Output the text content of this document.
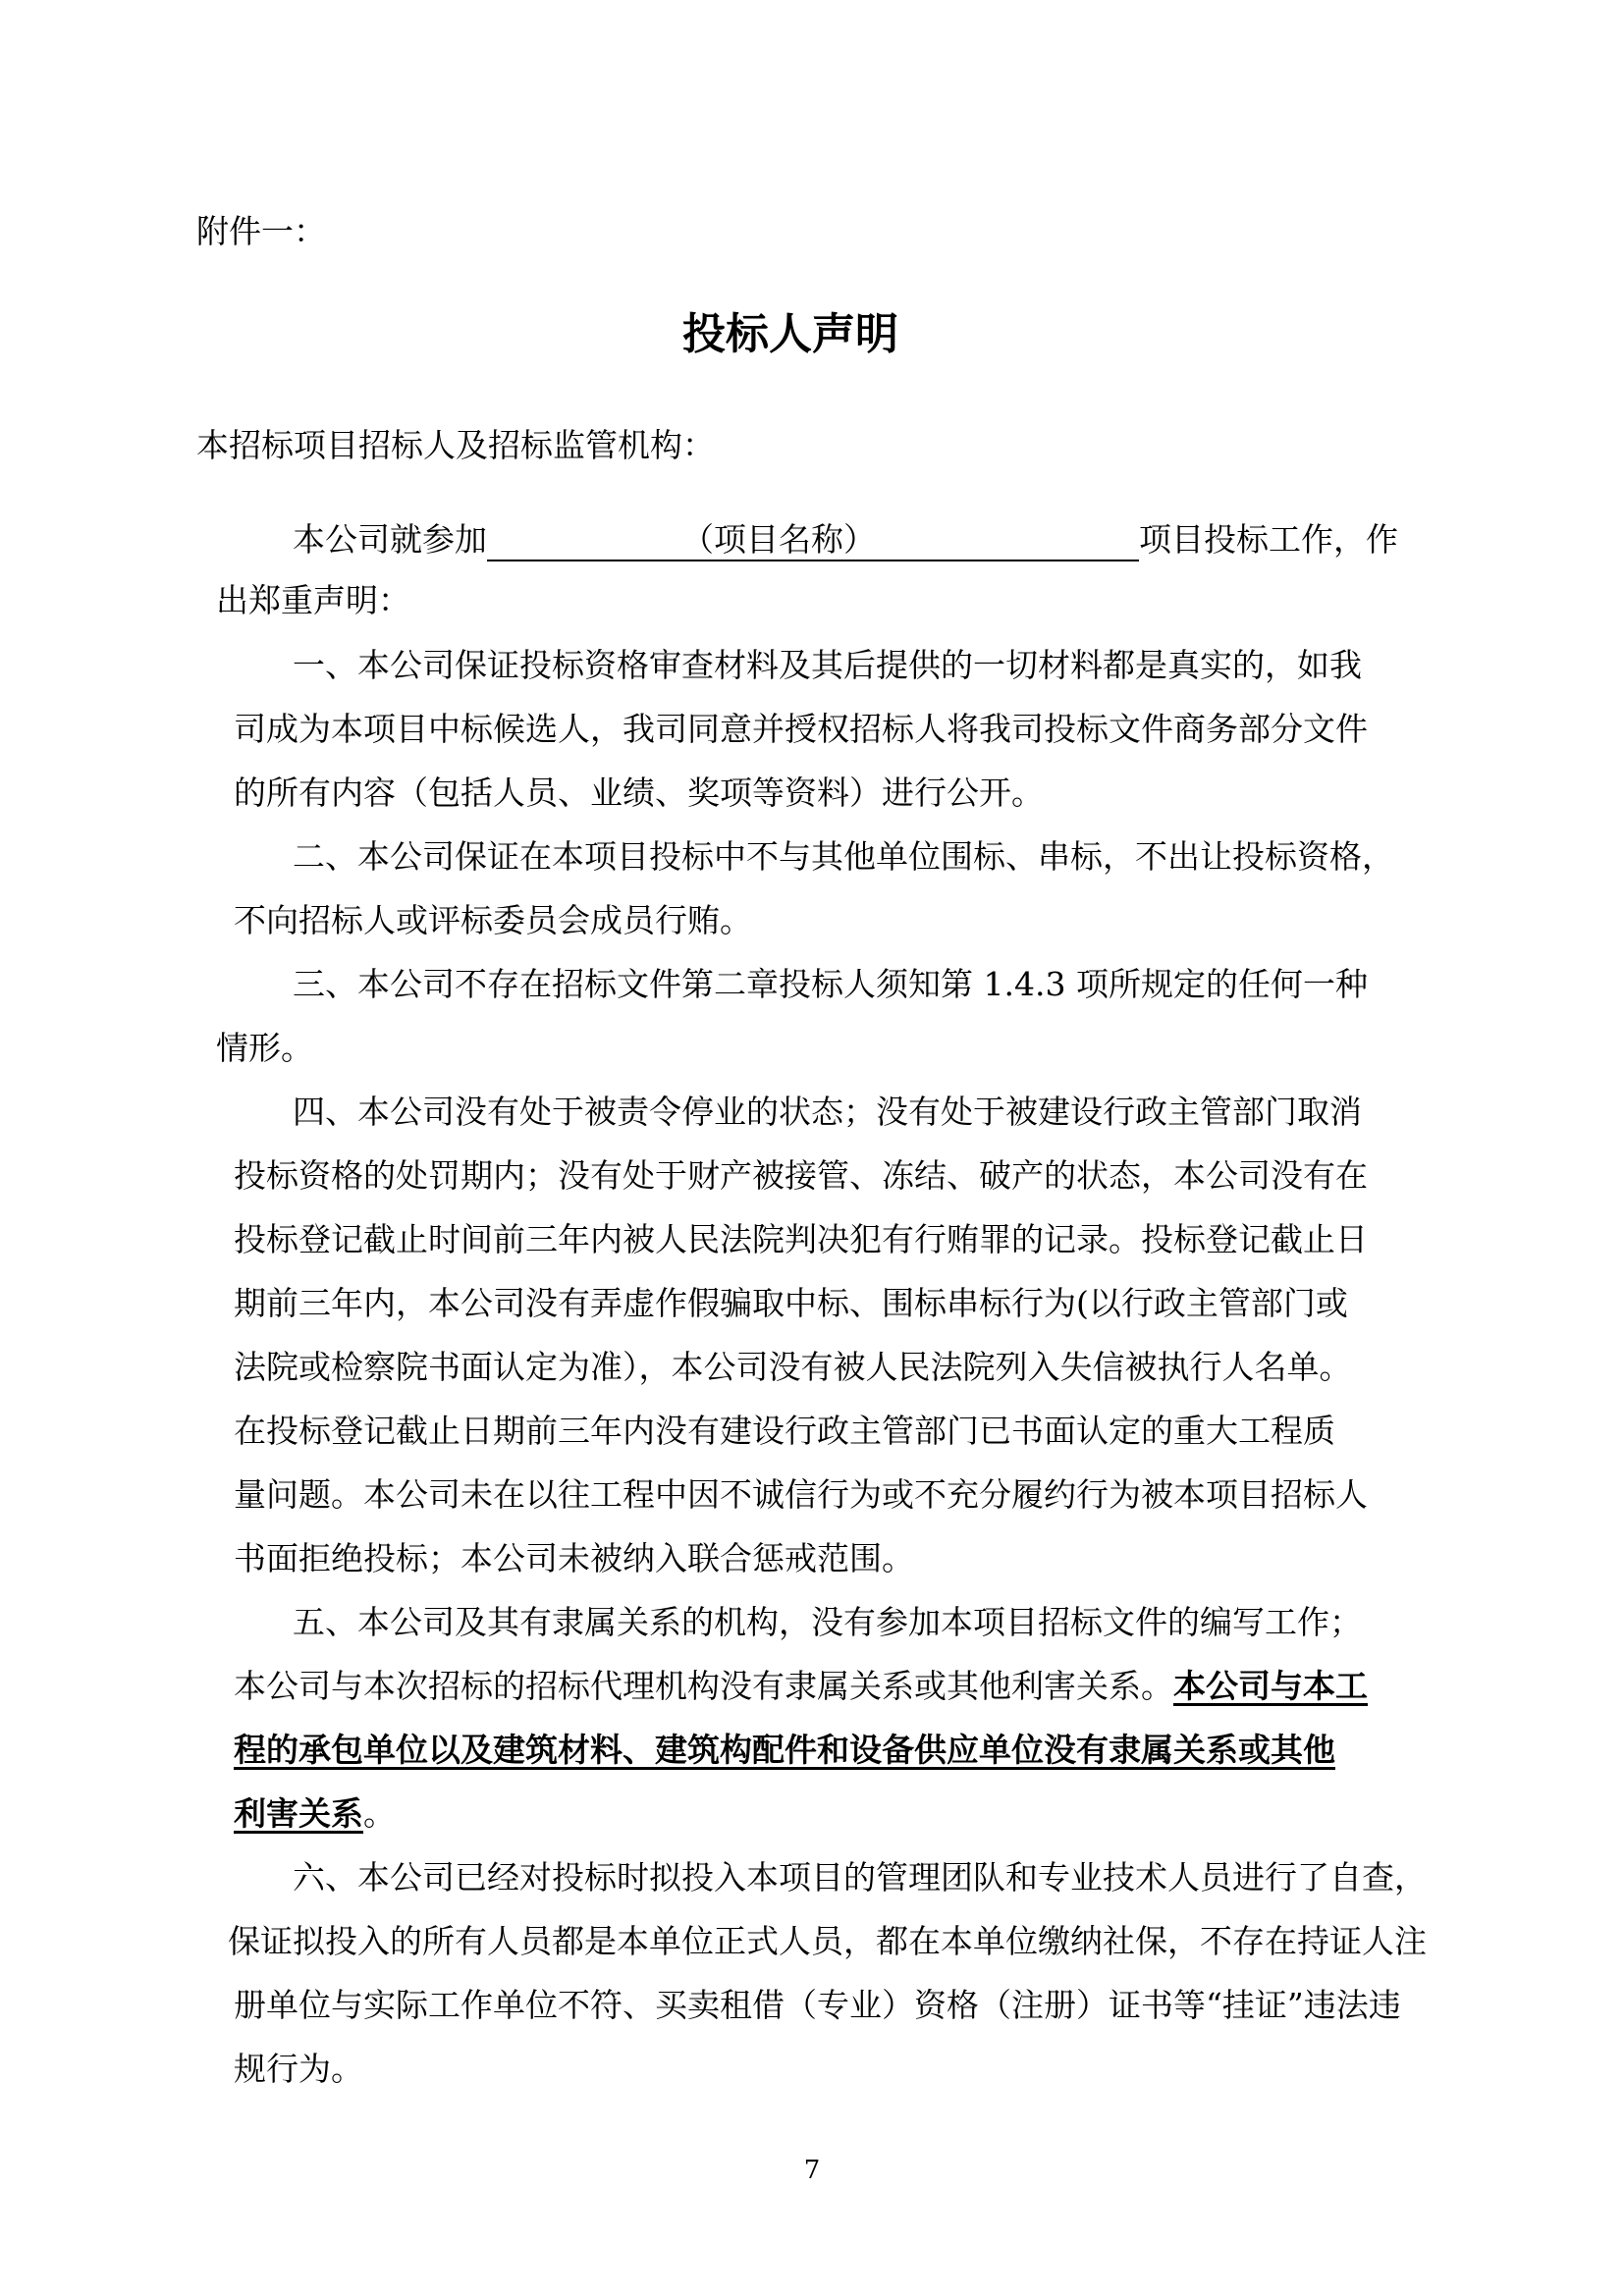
附件一：
投标人声明
本招标项目招标人及招标监管机构：
本公司就参加	（项目名称）	项目投标工作，作
出郑重声明：
一、本公司保证投标资格审查材料及其后提供的一切材料都是真实的，如我
司成为本项目中标候选人，我司同意并授权招标人将我司投标文件商务部分文件
的所有内容（包括人员、业绩、奖项等资料）进行公开。
二、本公司保证在本项目投标中不与其他单位围标、串标，不出让投标资格，
不向招标人或评标委员会成员行贿。
三、本公司不存在招标文件第二章投标人须知第 1.4.3 项所规定的任何一种
情形。
四、本公司没有处于被责令停业的状态；没有处于被建设行政主管部门取消
投标资格的处罚期内；没有处于财产被接管、冻结、破产的状态，本公司没有在
投标登记截止时间前三年内被人民法院判决犯有行贿罪的记录。投标登记截止日
期前三年内，本公司没有弄虚作假骗取中标、围标串标行为(以行政主管部门或
法院或检察院书面认定为准），本公司没有被人民法院列入失信被执行人名单。
在投标登记截止日期前三年内没有建设行政主管部门已书面认定的重大工程质
量问题。本公司未在以往工程中因不诚信行为或不充分履约行为被本项目招标人
书面拒绝投标；本公司未被纳入联合惩戒范围。
五、本公司及其有隶属关系的机构，没有参加本项目招标文件的编写工作；
本公司与本次招标的招标代理机构没有隶属关系或其他利害关系。本公司与本工
程的承包单位以及建筑材料、建筑构配件和设备供应单位没有隶属关系或其他
利害关系。
六、本公司已经对投标时拟投入本项目的管理团队和专业技术人员进行了自查，
保证拟投入的所有人员都是本单位正式人员，都在本单位缴纳社保，不存在持证人注
册单位与实际工作单位不符、买卖租借（专业）资格（注册）证书等“挂证”违法违
规行为。
7
